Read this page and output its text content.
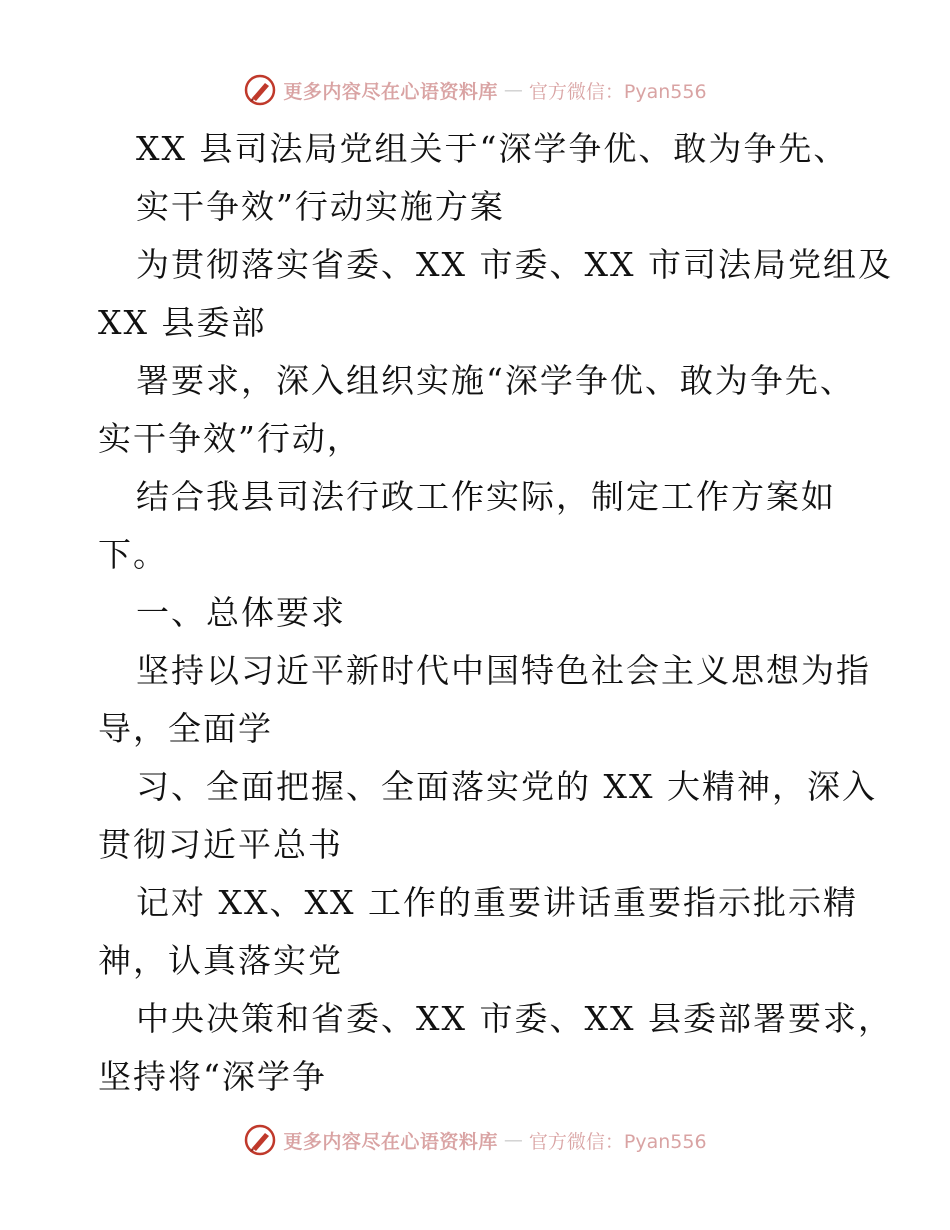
更多内容尽在心语资料库 — 官方微信：Pyan556
XX 县司法局党组关于“深学争优、敢为争先、
实干争效”行动实施方案
为贯彻落实省委、XX 市委、XX 市司法局党组及
XX 县委部
署要求，深入组织实施“深学争优、敢为争先、
实干争效”行动，
结合我县司法行政工作实际，制定工作方案如
下。
一、总体要求
坚持以习近平新时代中国特色社会主义思想为指
导，全面学
习、全面把握、全面落实党的 XX 大精神，深入
贯彻习近平总书
记对 XX、XX 工作的重要讲话重要指示批示精
神，认真落实党
中央决策和省委、XX 市委、XX 县委部署要求，
坚持将“深学争
更多内容尽在心语资料库 — 官方微信：Pyan556
